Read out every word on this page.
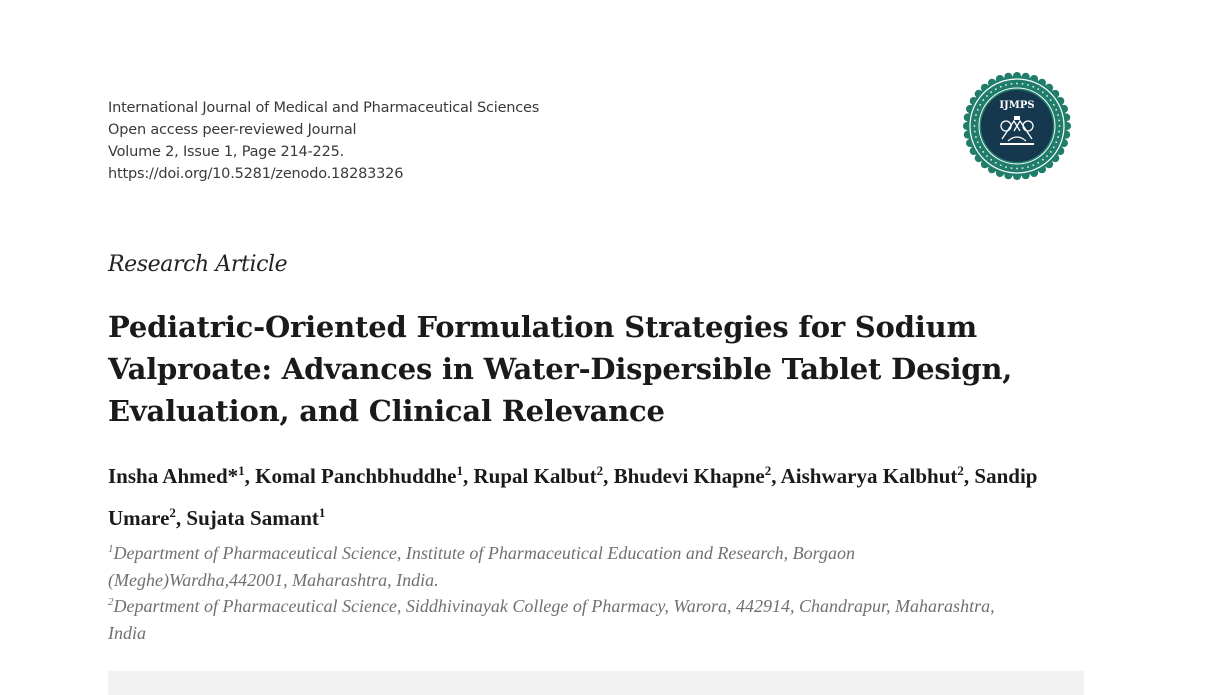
International Journal of Medical and Pharmaceutical Sciences
Open access peer-reviewed Journal
Volume 2, Issue 1, Page 214-225.
https://doi.org/10.5281/zenodo.18283326
IJMPS
Research Article
Pediatric-Oriented Formulation Strategies for Sodium Valproate: Advances in Water-Dispersible Tablet Design, Evaluation, and Clinical Relevance
Insha Ahmed*$^1$, Komal Panchbhuddhe$^1$, Rupal Kalbut$^2$, Bhudevi Khapne$^2$, Aishwarya Kalbhut$^2$, Sandip Umare$^2$, Sujata Samant$^1$
$^1$Department of Pharmaceutical Science, Institute of Pharmaceutical Education and Research, Borgaon (Meghe)Wardha,442001, Maharashtra, India.
$^2$Department of Pharmaceutical Science, Siddhivinayak College of Pharmacy, Warora, 442914, Chandrapur, Maharashtra, India
